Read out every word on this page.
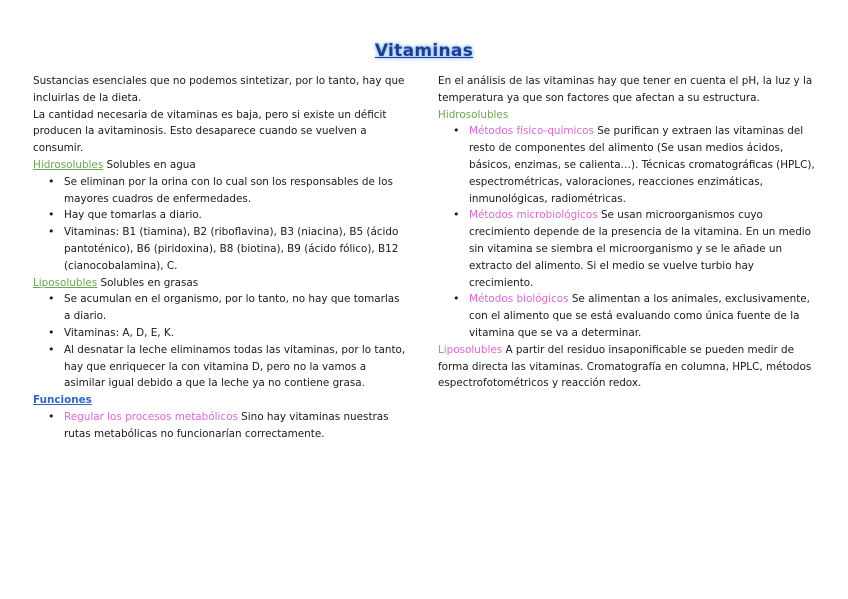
Vitaminas

Sustancias esenciales que no podemos sintetizar, por lo tanto, hay que incluirlas de la dieta.

La cantidad necesaria de vitaminas es baja, pero si existe un déficit producen la avitaminosis. Esto desaparece cuando se vuelven a consumir.

Hidrosolubles Solubles en agua

• Se eliminan por la orina con lo cual son los responsables de los mayores cuadros de enfermedades.
• Hay que tomarlas a diario.
• Vitaminas: B1 (tiamina), B2 (riboflavina), B3 (niacina), B5 (ácido pantoténico), B6 (piridoxina), B8 (biotina), B9 (ácido fólico), B12 (cianocobalamina), C.

Liposolubles Solubles en grasas

• Se acumulan en el organismo, por lo tanto, no hay que tomarlas a diario.
• Vitaminas: A, D, E, K.
• Al desnatar la leche eliminamos todas las vitaminas, por lo tanto, hay que enriquecer la con vitamina D, pero no la vamos a asimilar igual debido a que la leche ya no contiene grasa.

Funciones

• Regular los procesos metabólicos Sino hay vitaminas nuestras rutas metabólicas no funcionarían correctamente.

En el análisis de las vitaminas hay que tener en cuenta el pH, la luz y la temperatura ya que son factores que afectan a su estructura.

Hidrosolubles

• Métodos físico-químicos Se purifican y extraen las vitaminas del resto de componentes del alimento (Se usan medios ácidos, básicos, enzimas, se calienta…). Técnicas cromatográficas (HPLC), espectrométricas, valoraciones, reacciones enzimáticas, inmunológicas, radiométricas.
• Métodos microbiológicos Se usan microorganismos cuyo crecimiento depende de la presencia de la vitamina. En un medio sin vitamina se siembra el microorganismo y se le añade un extracto del alimento. Si el medio se vuelve turbio hay crecimiento.
• Métodos biológicos Se alimentan a los animales, exclusivamente, con el alimento que se está evaluando como única fuente de la vitamina que se va a determinar.

Liposolubles A partir del residuo insaponificable se pueden medir de forma directa las vitaminas. Cromatografía en columna, HPLC, métodos espectrofotométricos y reacción redox.
